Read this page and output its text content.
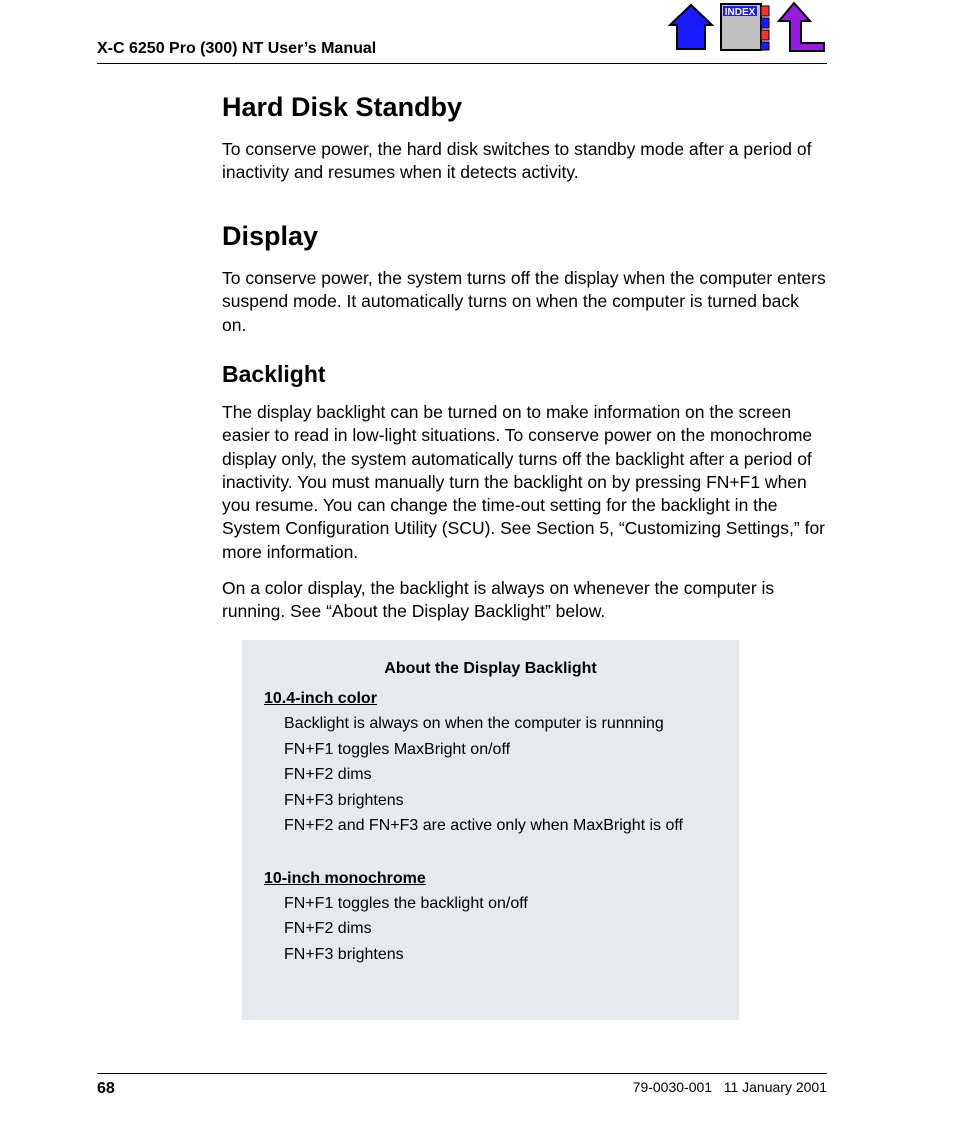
X-C 6250 Pro (300) NT User’s Manual
INDEX
Hard Disk Standby

To conserve power, the hard disk switches to standby mode after a period of inactivity and resumes when it detects activity.

Display

To conserve power, the system turns off the display when the computer enters suspend mode. It automatically turns on when the computer is turned back on.

Backlight

The display backlight can be turned on to make information on the screen easier to read in low-light situations. To conserve power on the monochrome display only, the system automatically turns off the backlight after a period of inactivity. You must manually turn the backlight on by pressing FN+F1 when you resume. You can change the time-out setting for the backlight in the System Configuration Utility (SCU). See Section 5, “Customizing Settings,” for more information.

On a color display, the backlight is always on whenever the computer is running. See “About the Display Backlight” below.

About the Display Backlight
10.4-inch color
Backlight is always on when the computer is runnning
FN+F1 toggles MaxBright on/off
FN+F2 dims
FN+F3 brightens
FN+F2 and FN+F3 are active only when MaxBright is off
10-inch monochrome
FN+F1 toggles the backlight on/off
FN+F2 dims
FN+F3 brightens
68	79-0030-001   11 January 2001
